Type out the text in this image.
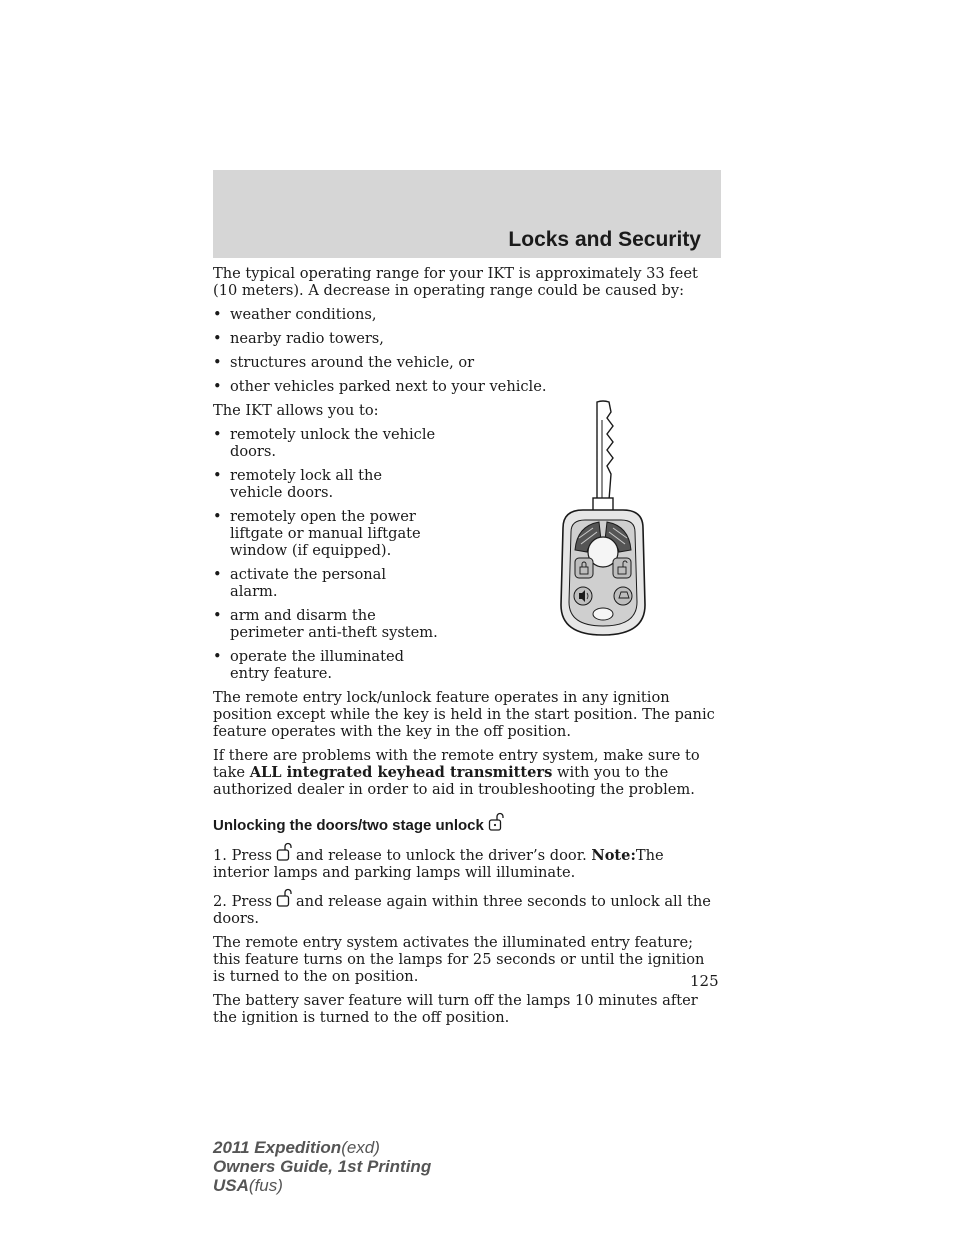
Locks and Security

The typical operating range for your IKT is approximately 33 feet (10 meters). A decrease in operating range could be caused by:

• weather conditions,
• nearby radio towers,
• structures around the vehicle, or
• other vehicles parked next to your vehicle.

The IKT allows you to:

• remotely unlock the vehicle doors.
• remotely lock all the vehicle doors.
• remotely open the power liftgate or manual liftgate window (if equipped).
• activate the personal alarm.
• arm and disarm the perimeter anti-theft system.
• operate the illuminated entry feature.

The remote entry lock/unlock feature operates in any ignition position except while the key is held in the start position. The panic feature operates with the key in the off position.

If there are problems with the remote entry system, make sure to take ALL integrated keyhead transmitters with you to the authorized dealer in order to aid in troubleshooting the problem.

Unlocking the doors/two stage unlock

1. Press and release to unlock the driver’s door. Note:The interior lamps and parking lamps will illuminate.

2. Press and release again within three seconds to unlock all the doors.

The remote entry system activates the illuminated entry feature; this feature turns on the lamps for 25 seconds or until the ignition is turned to the on position.

The battery saver feature will turn off the lamps 10 minutes after the ignition is turned to the off position.

125
2011 Expedition(exd)
Owners Guide, 1st Printing
USA(fus)
